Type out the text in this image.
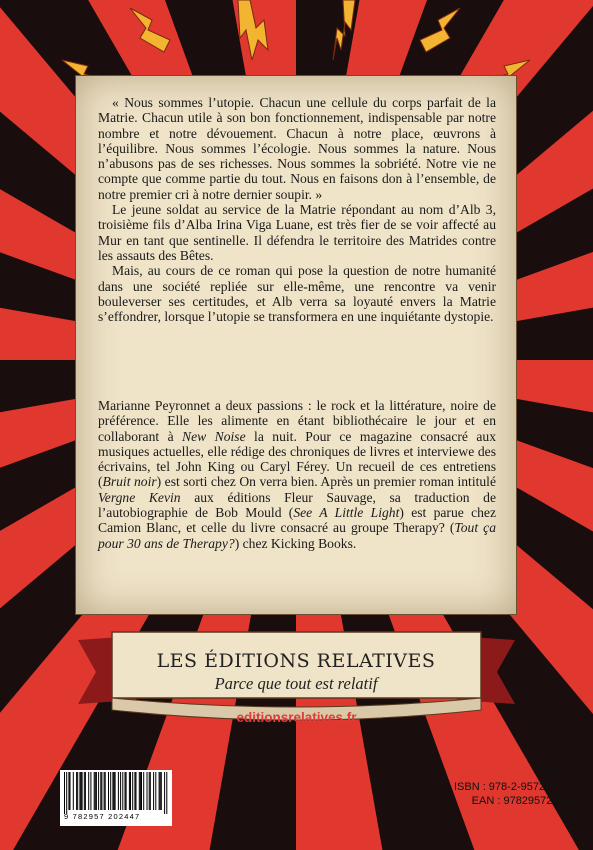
« Nous sommes l’utopie. Chacun une cellule du corps parfait de la Matrie. Chacun utile à son bon fonctionnement, indispensable par notre nombre et notre dévouement. Chacun à notre place, œuvrons à l’équilibre. Nous sommes l’écologie. Nous sommes la nature. Nous n’abusons pas de ses richesses. Nous sommes la sobriété. Notre vie ne compte que comme partie du tout. Nous en faisons don à l’ensemble, de notre premier cri à notre dernier soupir. »

Le jeune soldat au service de la Matrie répondant au nom d’Alb 3, troisième fils d’Alba Irina Viga Luane, est très fier de se voir affecté au Mur en tant que sentinelle. Il défendra le territoire des Matrides contre les assauts des Bêtes.

Mais, au cours de ce roman qui pose la question de notre humanité dans une société repliée sur elle-même, une rencontre va venir bouleverser ses certitudes, et Alb verra sa loyauté envers la Matrie s’effondrer, lorsque l’utopie se transformera en une inquiétante dystopie.

Marianne Peyronnet a deux passions : le rock et la littérature, noire de préférence. Elle les alimente en étant bibliothécaire le jour et en collaborant à New Noise la nuit. Pour ce magazine consacré aux musiques actuelles, elle rédige des chroniques de livres et interviewe des écrivains, tel John King ou Caryl Férey. Un recueil de ces entretiens (Bruit noir) est sorti chez On verra bien. Après un premier roman intitulé Vergne Kevin aux éditions Fleur Sauvage, sa traduction de l’autobiographie de Bob Mould (See A Little Light) est parue chez Camion Blanc, et celle du livre consacré au groupe Therapy? (Tout ça pour 30 ans de Therapy?) chez Kicking Books.

LES ÉDITIONS RELATIVES
Parce que tout est relatif
editionsrelatives.fr
9 782957 202447
05.2023
ISBN : 978-2-9572024-4-7
EAN : 9782957202447
19 €
